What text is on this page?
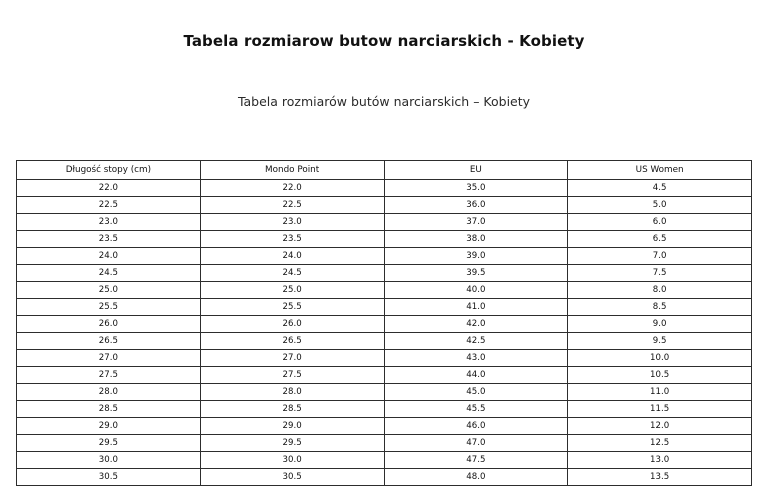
Tabela rozmiarow butow narciarskich - Kobiety
Tabela rozmiarów butów narciarskich – Kobiety
Długość stopy (cm)	Mondo Point	EU	US Women
22.0	22.0	35.0	4.5
22.5	22.5	36.0	5.0
23.0	23.0	37.0	6.0
23.5	23.5	38.0	6.5
24.0	24.0	39.0	7.0
24.5	24.5	39.5	7.5
25.0	25.0	40.0	8.0
25.5	25.5	41.0	8.5
26.0	26.0	42.0	9.0
26.5	26.5	42.5	9.5
27.0	27.0	43.0	10.0
27.5	27.5	44.0	10.5
28.0	28.0	45.0	11.0
28.5	28.5	45.5	11.5
29.0	29.0	46.0	12.0
29.5	29.5	47.0	12.5
30.0	30.0	47.5	13.0
30.5	30.5	48.0	13.5
